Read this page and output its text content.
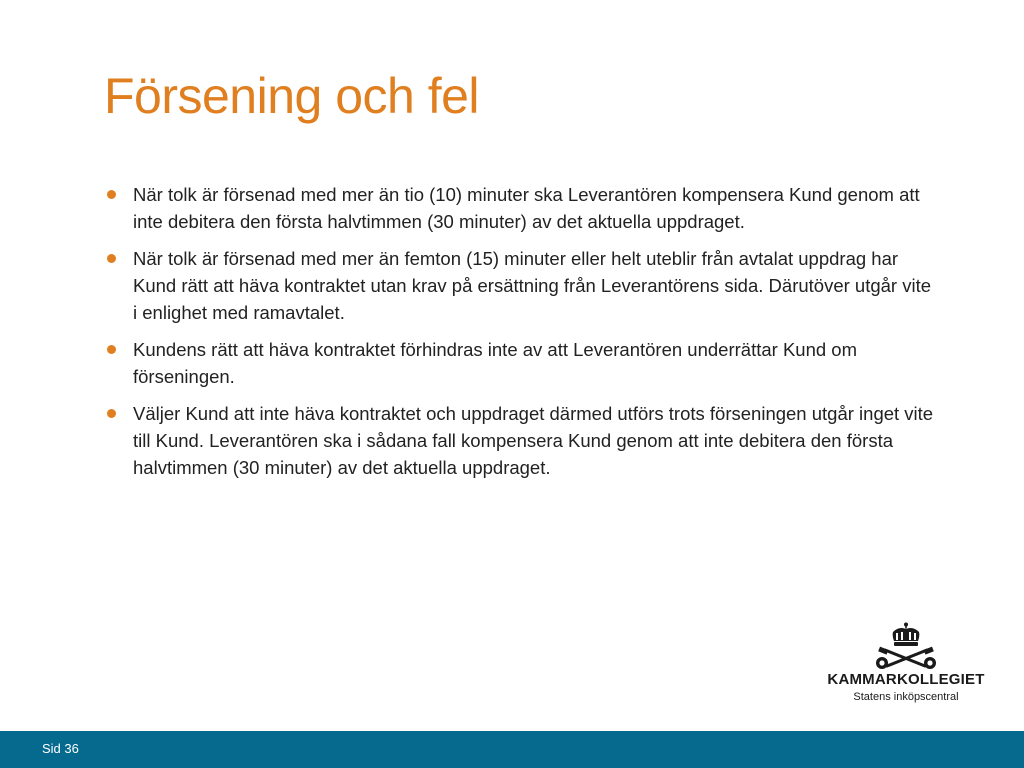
Försening och fel
När tolk är försenad med mer än tio (10) minuter ska Leverantören kompensera Kund genom att inte debitera den första halvtimmen (30 minuter) av det aktuella uppdraget.
När tolk är försenad med mer än femton (15) minuter eller helt uteblir från avtalat uppdrag har Kund rätt att häva kontraktet utan krav på ersättning från Leverantörens sida. Därutöver utgår vite i enlighet med ramavtalet.
Kundens rätt att häva kontraktet förhindras inte av att Leverantören underrättar Kund om förseningen.
Väljer Kund att inte häva kontraktet och uppdraget därmed utförs trots förseningen utgår inget vite till Kund. Leverantören ska i sådana fall kompensera Kund genom att inte debitera den första halvtimmen (30 minuter) av det aktuella uppdraget.
KAMMARKOLLEGIET
Statens inköpscentral
Sid 36
